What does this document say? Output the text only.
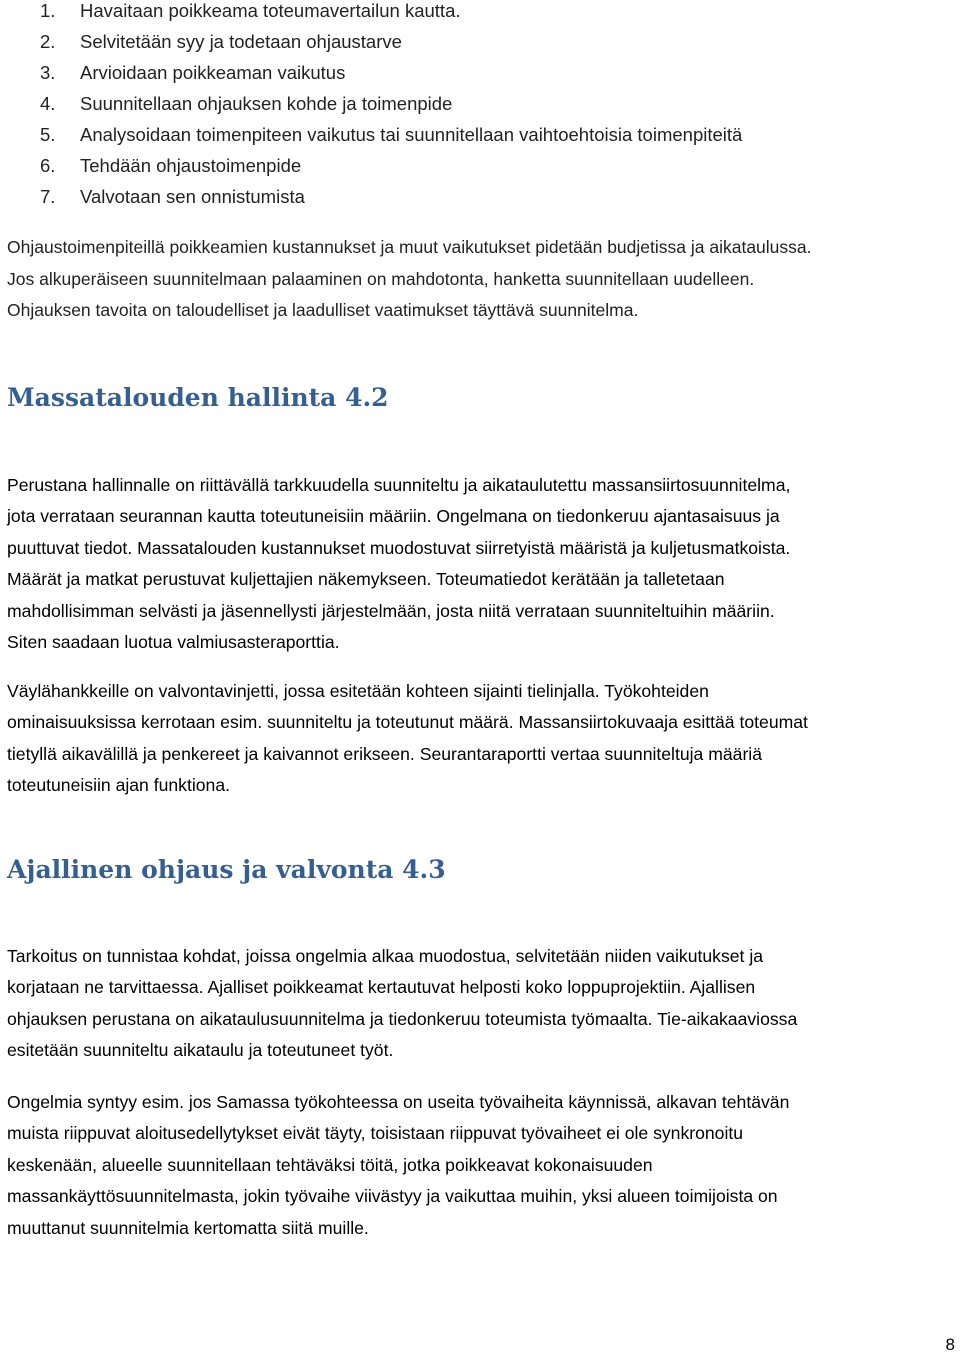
1. Havaitaan poikkeama toteumavertailun kautta.
2. Selvitetään syy ja todetaan ohjaustarve
3. Arvioidaan poikkeaman vaikutus
4. Suunnitellaan ohjauksen kohde ja toimenpide
5. Analysoidaan toimenpiteen vaikutus tai suunnitellaan vaihtoehtoisia toimenpiteitä
6. Tehdään ohjaustoimenpide
7. Valvotaan sen onnistumista

Ohjaustoimenpiteillä poikkeamien kustannukset ja muut vaikutukset pidetään budjetissa ja aikataulussa.

Jos alkuperäiseen suunnitelmaan palaaminen on mahdotonta, hanketta suunnitellaan uudelleen.

Ohjauksen tavoita on taloudelliset ja laadulliset vaatimukset täyttävä suunnitelma.

Massatalouden hallinta 4.2

Perustana hallinnalle on riittävällä tarkkuudella suunniteltu ja aikataulutettu massansiirtosuunnitelma,
jota verrataan seurannan kautta toteutuneisiin määriin. Ongelmana on tiedonkeruu ajantasaisuus ja
puuttuvat tiedot. Massatalouden kustannukset muodostuvat siirretyistä määristä ja kuljetusmatkoista.
Määrät ja matkat perustuvat kuljettajien näkemykseen. Toteumatiedot kerätään ja talletetaan
mahdollisimman selvästi ja jäsennellysti järjestelmään, josta niitä verrataan suunniteltuihin määriin.
Siten saadaan luotua valmiusasteraporttia.

Väylähankkeille on valvontavinjetti, jossa esitetään kohteen sijainti tielinjalla. Työkohteiden
ominaisuuksissa kerrotaan esim. suunniteltu ja toteutunut määrä. Massansiirtokuvaaja esittää toteumat
tietyllä aikavälillä ja penkereet ja kaivannot erikseen. Seurantaraportti vertaa suunniteltuja määriä
toteutuneisiin ajan funktiona.

Ajallinen ohjaus ja valvonta 4.3

Tarkoitus on tunnistaa kohdat, joissa ongelmia alkaa muodostua, selvitetään niiden vaikutukset ja
korjataan ne tarvittaessa. Ajalliset poikkeamat kertautuvat helposti koko loppuprojektiin. Ajallisen
ohjauksen perustana on aikataulusuunnitelma ja tiedonkeruu toteumista työmaalta. Tie-aikakaaviossa
esitetään suunniteltu aikataulu ja toteutuneet työt.

Ongelmia syntyy esim. jos Samassa työkohteessa on useita työvaiheita käynnissä, alkavan tehtävän
muista riippuvat aloitusedellytykset eivät täyty, toisistaan riippuvat työvaiheet ei ole synkronoitu
keskenään, alueelle suunnitellaan tehtäväksi töitä, jotka poikkeavat kokonaisuuden
massankäyttösuunnitelmasta, jokin työvaihe viivästyy ja vaikuttaa muihin, yksi alueen toimijoista on
muuttanut suunnitelmia kertomatta siitä muille.

8
